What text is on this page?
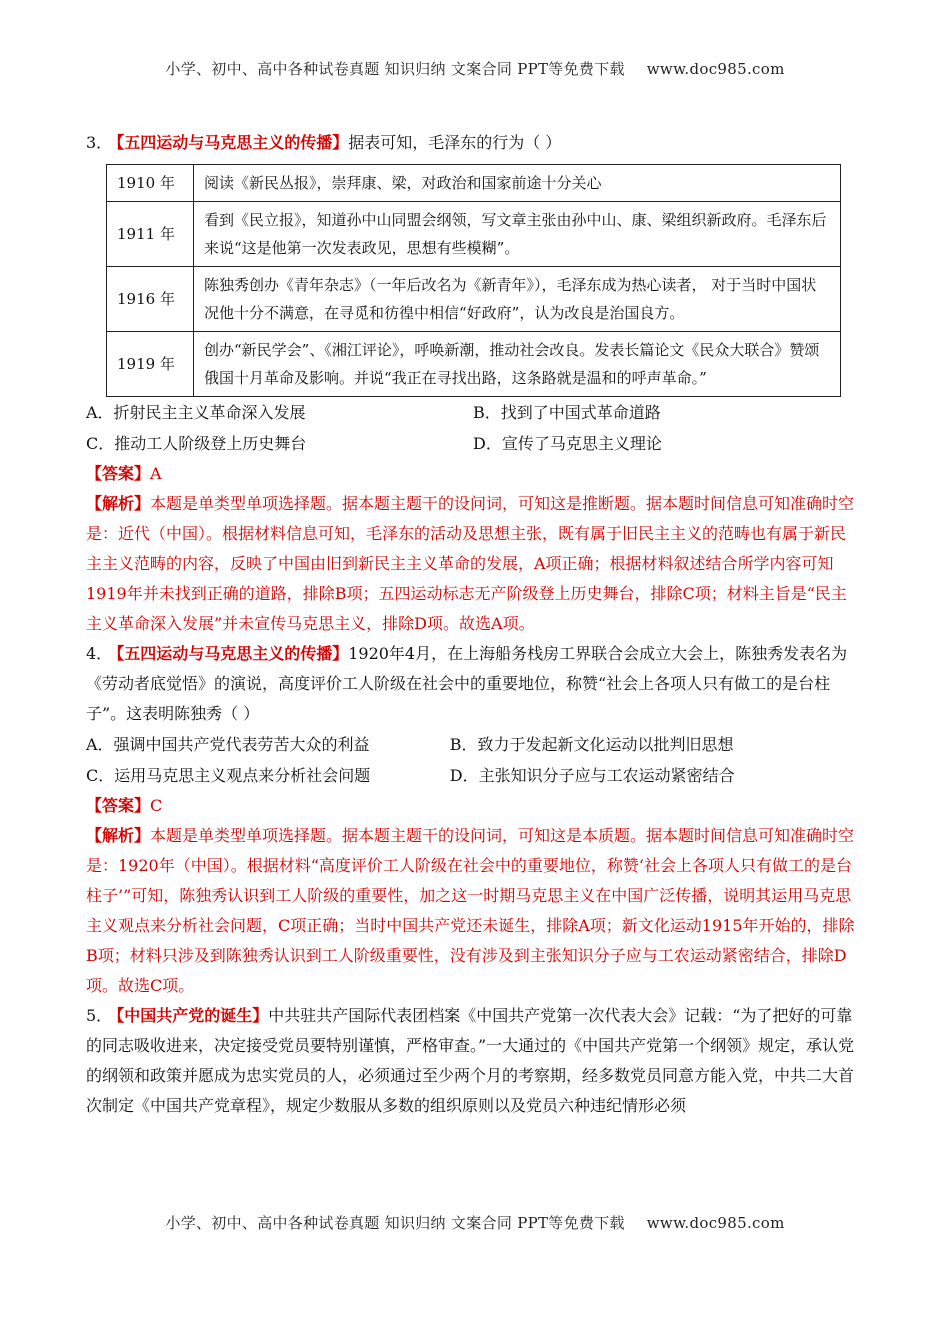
小学、初中、高中各种试卷真题 知识归纳 文案合同 PPT等免费下载 www.doc985.com

3． 【五四运动与马克思主义的传播】据表可知，毛泽东的行为（ ）

1910 年	阅读《新民丛报》，崇拜康、梁，对政治和国家前途十分关心
1911 年	看到《民立报》，知道孙中山同盟会纲领，写文章主张由孙中山、康、梁组织新政府。毛泽东后来说“这是他第一次发表政见，思想有些模糊”。
1916 年	陈独秀创办《青年杂志》（一年后改名为《新青年》），毛泽东成为热心读者， 对于当时中国状况他十分不满意，在寻觅和彷徨中相信“好政府”，认为改良是治国良方。
1919 年	创办“新民学会”、《湘江评论》，呼唤新潮，推动社会改良。发表长篇论文《民众大联合》赞颂俄国十月革命及影响。并说“我正在寻找出路，这条路就是温和的呼声革命。”
A．折射民主主义革命深入发展	B．找到了中国式革命道路
C．推动工人阶级登上历史舞台	D．宣传了马克思主义理论

【答案】A

【解析】本题是单类型单项选择题。据本题主题干的设问词，可知这是推断题。据本题时间信息可知准确时空是：近代（中国）。根据材料信息可知，毛泽东的活动及思想主张，既有属于旧民主主义的范畴也有属于新民主主义范畴的内容，反映了中国由旧到新民主主义革命的发展，A项正确；根据材料叙述结合所学内容可知1919年并未找到正确的道路，排除B项；五四运动标志无产阶级登上历史舞台，排除C项；材料主旨是“民主主义革命深入发展”并未宣传马克思主义，排除D项。故选A项。

4． 【五四运动与马克思主义的传播】1920年4月，在上海船务栈房工界联合会成立大会上，陈独秀发表名为《劳动者底觉悟》的演说，高度评价工人阶级在社会中的重要地位，称赞“社会上各项人只有做工的是台柱子”。这表明陈独秀（ ）

A．强调中国共产党代表劳苦大众的利益	B．致力于发起新文化运动以批判旧思想
C．运用马克思主义观点来分析社会问题	D．主张知识分子应与工农运动紧密结合

【答案】C

【解析】本题是单类型单项选择题。据本题主题干的设问词，可知这是本质题。据本题时间信息可知准确时空是：1920年（中国）。根据材料“高度评价工人阶级在社会中的重要地位，称赞‘社会上各项人只有做工的是台柱子’”可知，陈独秀认识到工人阶级的重要性，加之这一时期马克思主义在中国广泛传播，说明其运用马克思主义观点来分析社会问题，C项正确；当时中国共产党还未诞生，排除A项；新文化运动1915年开始的，排除B项；材料只涉及到陈独秀认识到工人阶级重要性，没有涉及到主张知识分子应与工农运动紧密结合，排除D项。故选C项。

5． 【中国共产党的诞生】中共驻共产国际代表团档案《中国共产党第一次代表大会》记载：“为了把好的可靠的同志吸收进来，决定接受党员要特别谨慎，严格审查。”一大通过的《中国共产党第一个纲领》规定，承认党的纲领和政策并愿成为忠实党员的人，必须通过至少两个月的考察期，经多数党员同意方能入党，中共二大首次制定《中国共产党章程》，规定少数服从多数的组织原则以及党员六种违纪情形必须

小学、初中、高中各种试卷真题 知识归纳 文案合同 PPT等免费下载 www.doc985.com
